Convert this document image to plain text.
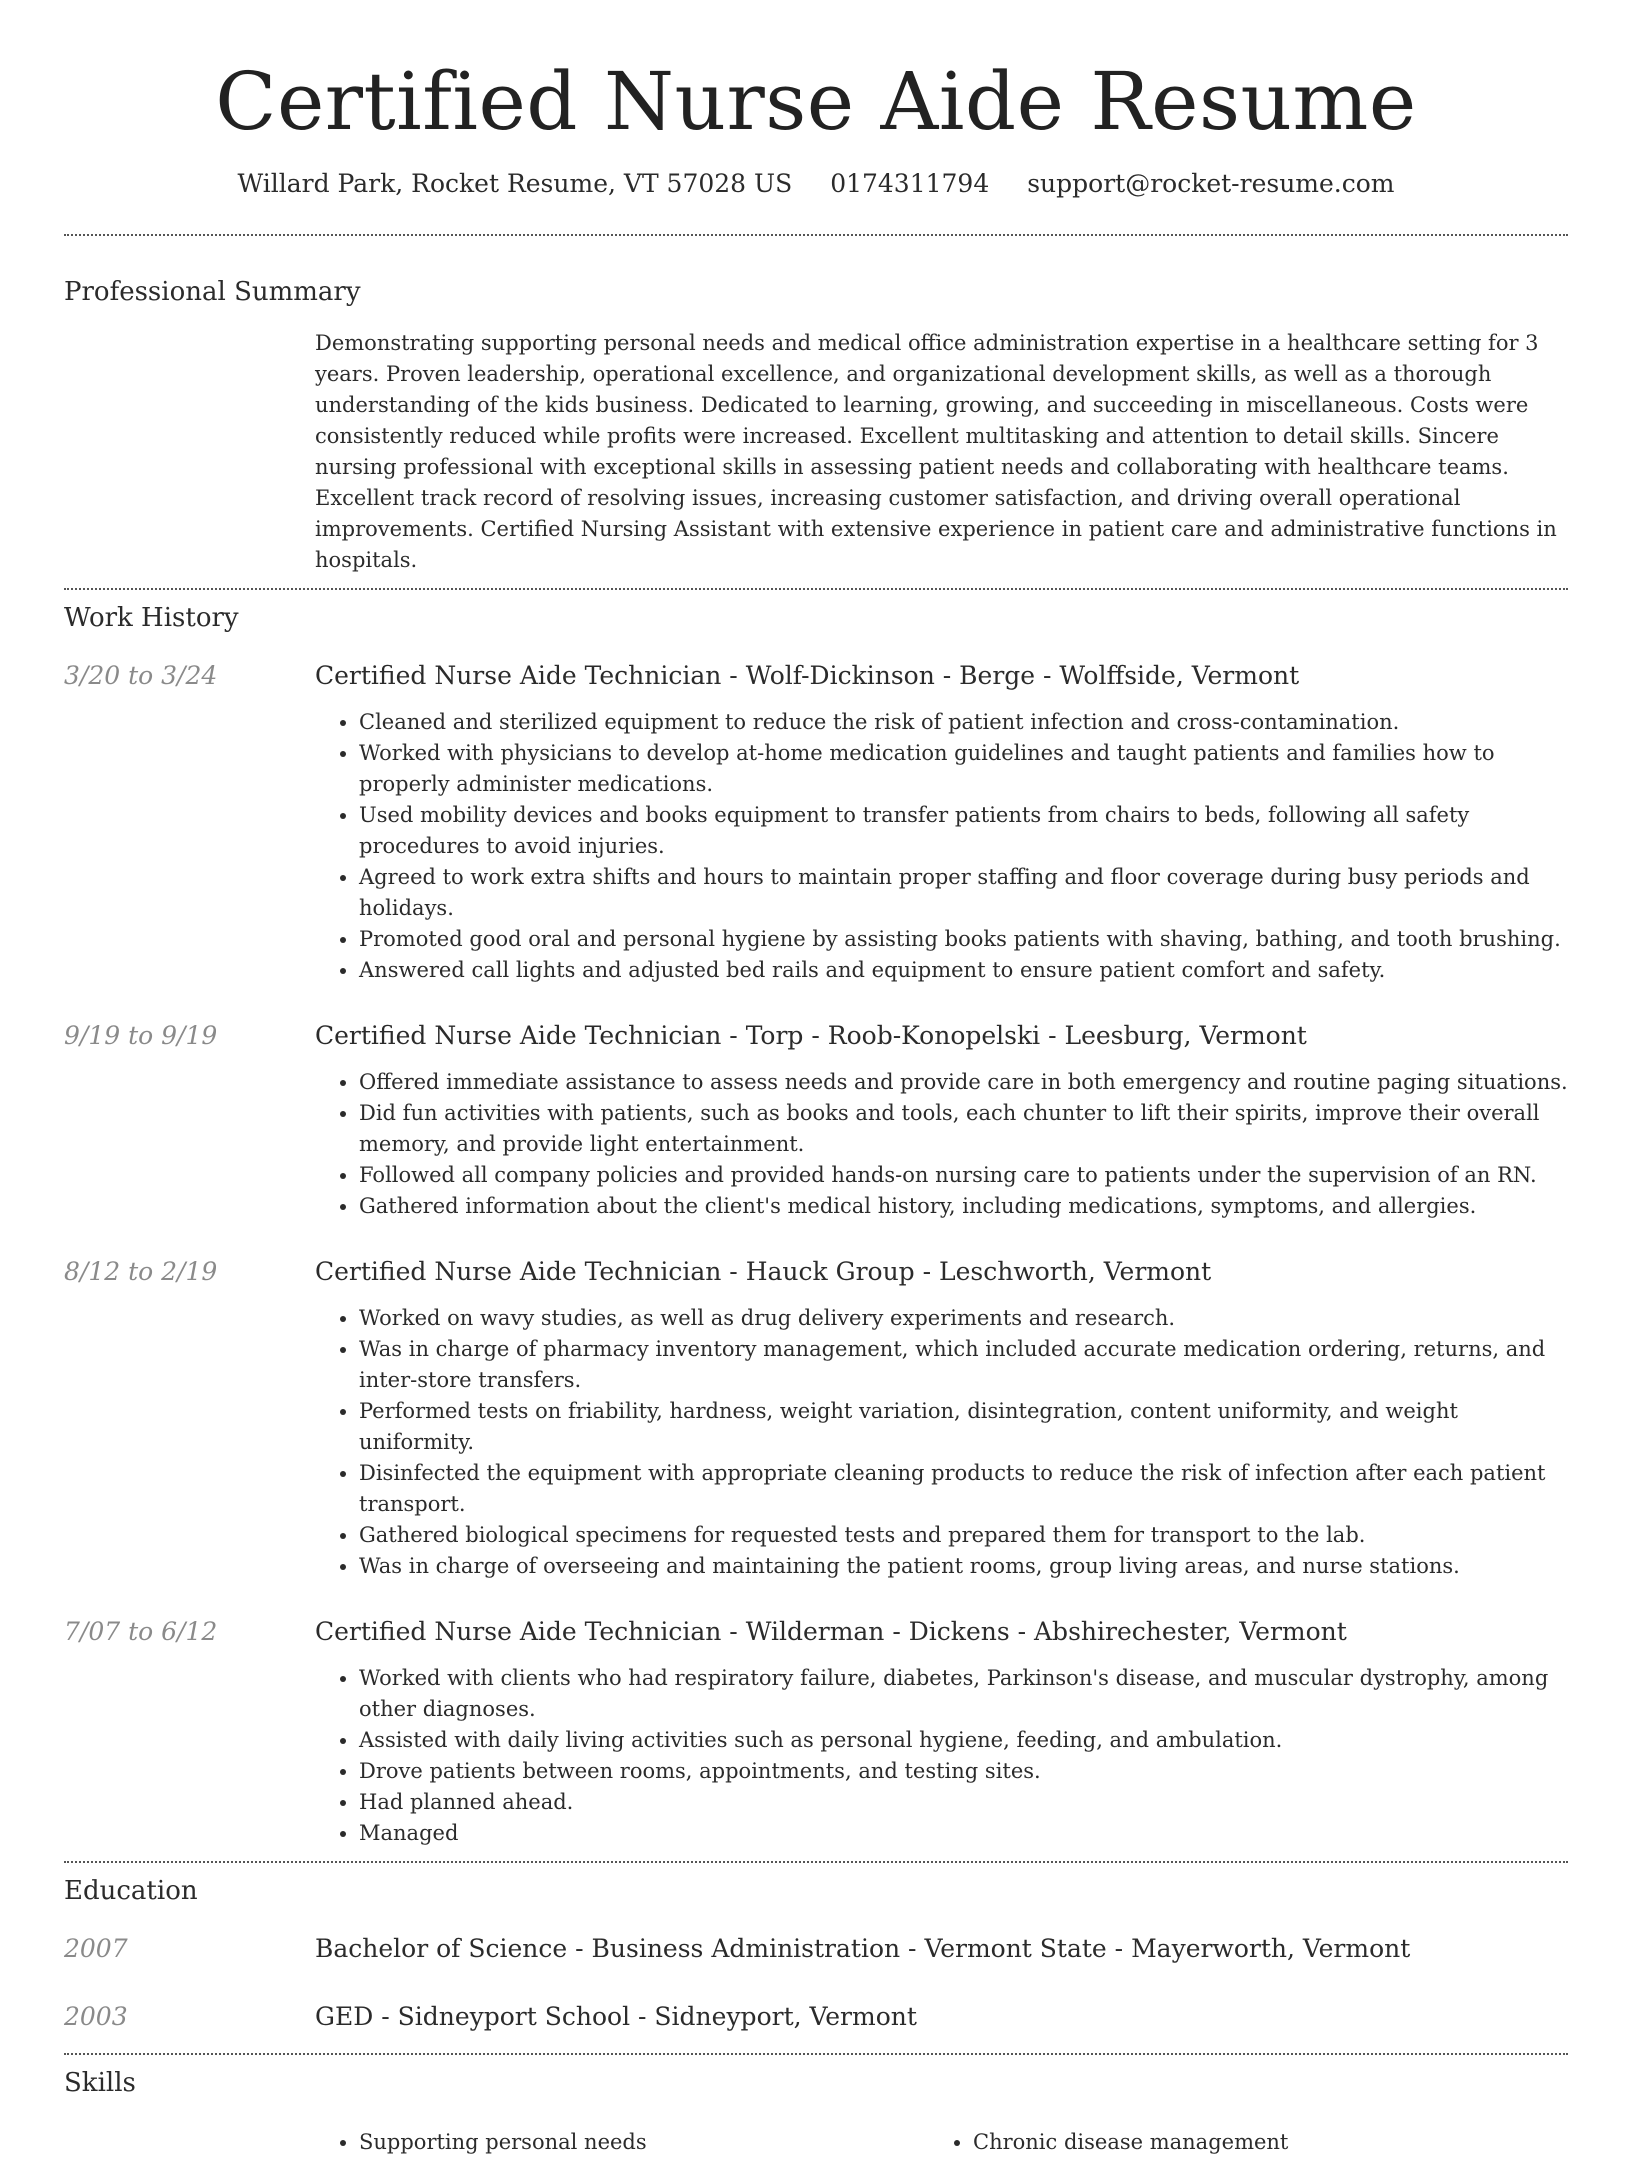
Certified Nurse Aide Resume
Willard Park, Rocket Resume, VT 57028 US 0174311794 support@rocket-resume.com
Professional Summary
Demonstrating supporting personal needs and medical office administration expertise in a healthcare setting for 3 years. Proven leadership, operational excellence, and organizational development skills, as well as a thorough understanding of the kids business. Dedicated to learning, growing, and succeeding in miscellaneous. Costs were consistently reduced while profits were increased. Excellent multitasking and attention to detail skills. Sincere nursing professional with exceptional skills in assessing patient needs and collaborating with healthcare teams. Excellent track record of resolving issues, increasing customer satisfaction, and driving overall operational improvements. Certified Nursing Assistant with extensive experience in patient care and administrative functions in hospitals.
Work History
3/20 to 3/24	Certified Nurse Aide Technician - Wolf-Dickinson - Berge - Wolffside, Vermont
• Cleaned and sterilized equipment to reduce the risk of patient infection and cross-contamination.
• Worked with physicians to develop at-home medication guidelines and taught patients and families how to properly administer medications.
• Used mobility devices and books equipment to transfer patients from chairs to beds, following all safety procedures to avoid injuries.
• Agreed to work extra shifts and hours to maintain proper staffing and floor coverage during busy periods and holidays.
• Promoted good oral and personal hygiene by assisting books patients with shaving, bathing, and tooth brushing.
• Answered call lights and adjusted bed rails and equipment to ensure patient comfort and safety.
9/19 to 9/19	Certified Nurse Aide Technician - Torp - Roob-Konopelski - Leesburg, Vermont
• Offered immediate assistance to assess needs and provide care in both emergency and routine paging situations.
• Did fun activities with patients, such as books and tools, each chunter to lift their spirits, improve their overall memory, and provide light entertainment.
• Followed all company policies and provided hands-on nursing care to patients under the supervision of an RN.
• Gathered information about the client's medical history, including medications, symptoms, and allergies.
8/12 to 2/19	Certified Nurse Aide Technician - Hauck Group - Leschworth, Vermont
• Worked on wavy studies, as well as drug delivery experiments and research.
• Was in charge of pharmacy inventory management, which included accurate medication ordering, returns, and inter-store transfers.
• Performed tests on friability, hardness, weight variation, disintegration, content uniformity, and weight uniformity.
• Disinfected the equipment with appropriate cleaning products to reduce the risk of infection after each patient transport.
• Gathered biological specimens for requested tests and prepared them for transport to the lab.
• Was in charge of overseeing and maintaining the patient rooms, group living areas, and nurse stations.
7/07 to 6/12	Certified Nurse Aide Technician - Wilderman - Dickens - Abshirechester, Vermont
• Worked with clients who had respiratory failure, diabetes, Parkinson's disease, and muscular dystrophy, among other diagnoses.
• Assisted with daily living activities such as personal hygiene, feeding, and ambulation.
• Drove patients between rooms, appointments, and testing sites.
• Had planned ahead.
• Managed
Education
2007	Bachelor of Science - Business Administration - Vermont State - Mayerworth, Vermont
2003	GED - Sidneyport School - Sidneyport, Vermont
Skills
• Supporting personal needs
•	Chronic disease management
